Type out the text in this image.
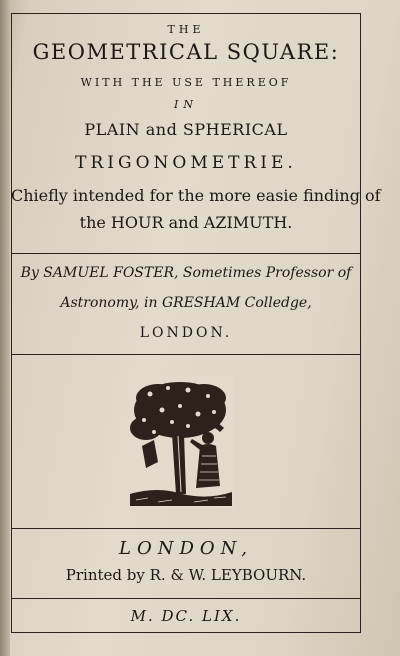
THE
GEOMETRICAL SQUARE:
WITH THE USE THEREOF
IN
PLAIN and SPHERICAL
TRIGONOMETRIE.
Chiefly intended for the more easie finding of
the HOUR and AZIMUTH.
By SAMUEL FOSTER, Sometimes Professor of
Astronomy, in GRESHAM Colledge,
LONDON.
LONDON,
Printed by R. & W. LEYBOURN.
M. DC. LIX.
